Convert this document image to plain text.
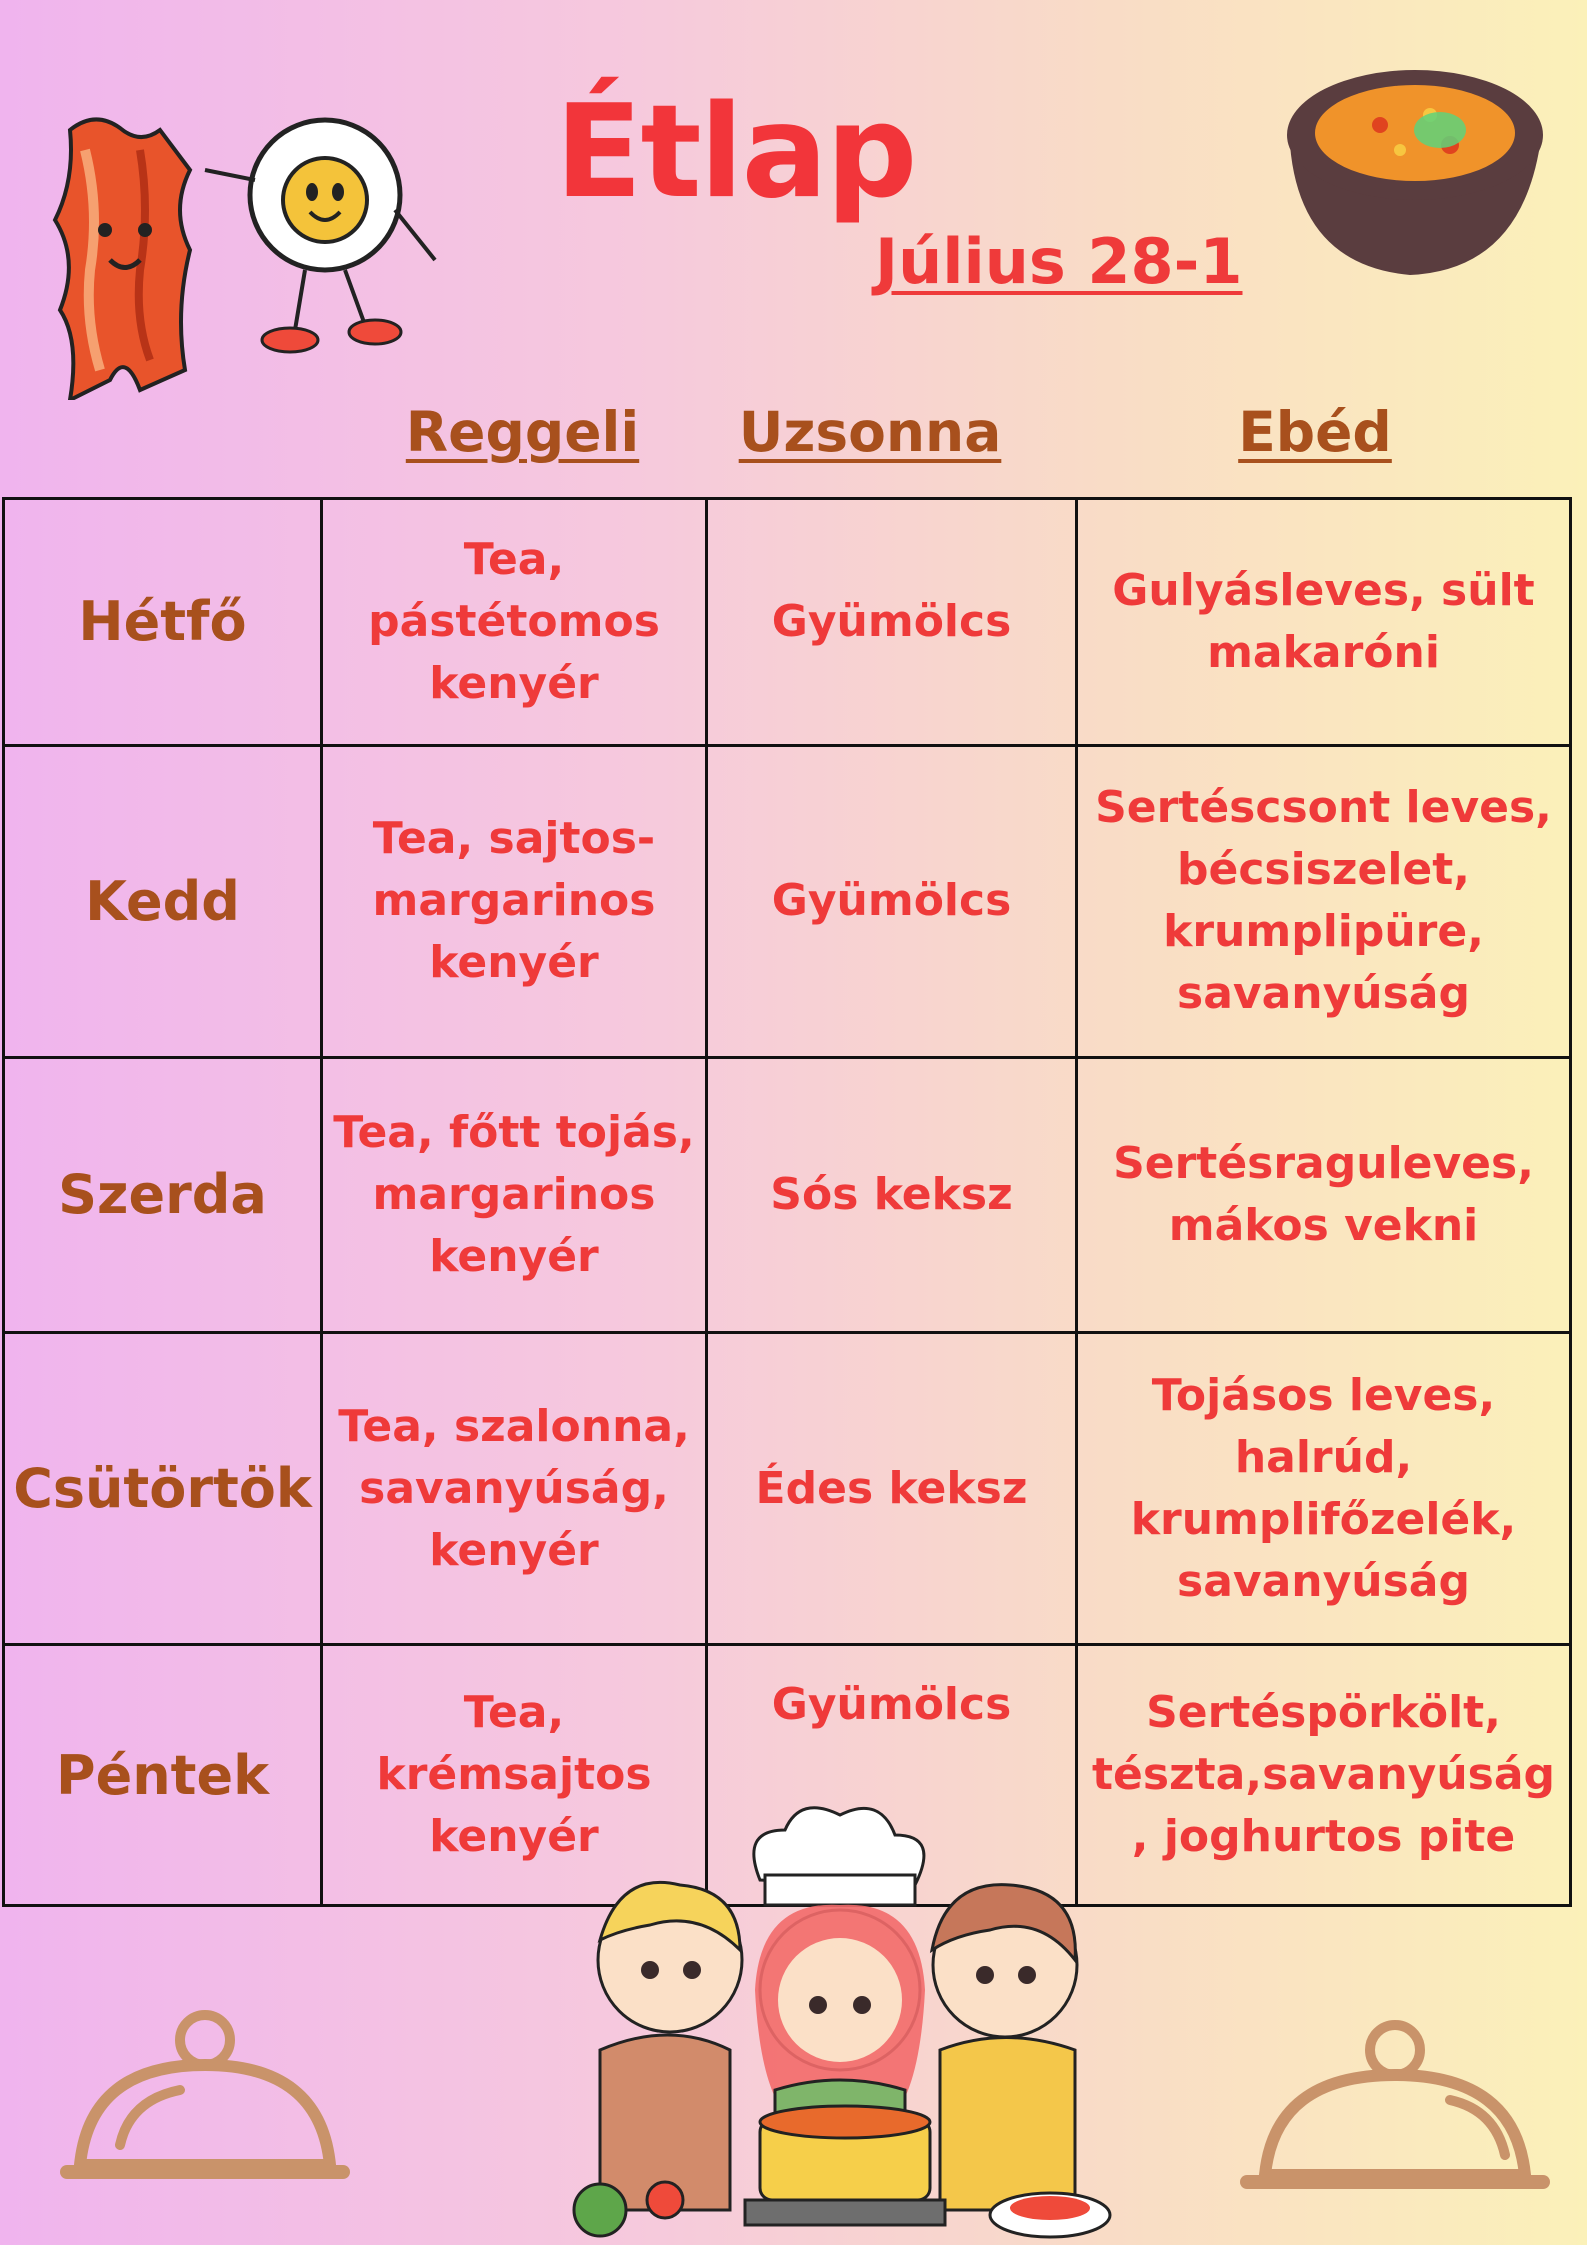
Étlap
Július 28-1
Reggeli	Uzsonna	Ebéd
Hétfő	Tea, pástétomos kenyér	Gyümölcs	Gulyásleves, sült makaróni
Kedd	Tea, sajtos-margarinos kenyér	Gyümölcs	Sertéscsont leves, bécsiszelet, krumplipüre, savanyúság
Szerda	Tea, főtt tojás, margarinos kenyér	Sós keksz	Sertésraguleves, mákos vekni
Csütörtök	Tea, szalonna, savanyúság, kenyér	Édes keksz	Tojásos leves, halrúd, krumplifőzelék, savanyúság
Péntek	Tea, krémsajtos kenyér	Gyümölcs	Sertéspörkölt, tészta,savanyúság , joghurtos pite
